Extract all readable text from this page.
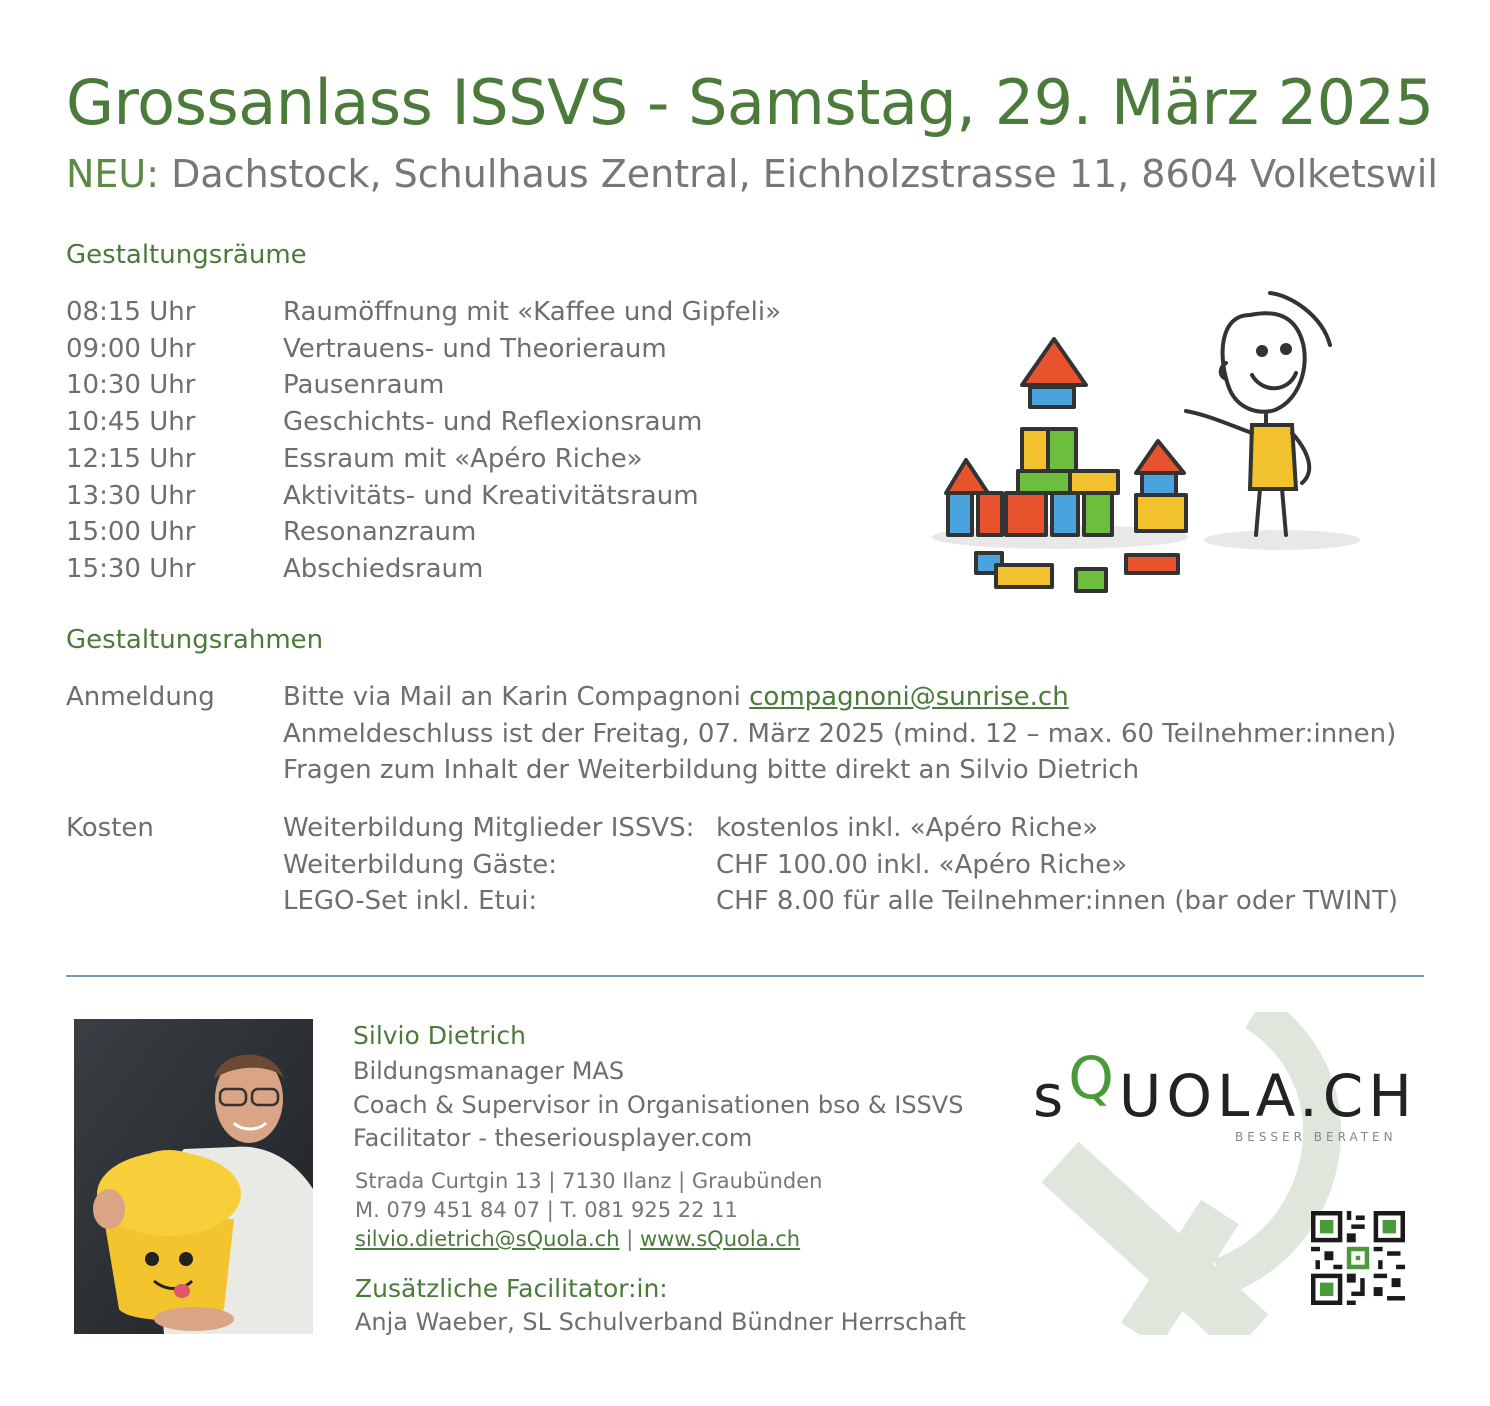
Grossanlass ISSVS - Samstag, 29. März 2025
NEU: Dachstock, Schulhaus Zentral, Eichholzstrasse 11, 8604 Volketswil
Gestaltungsräume
08:15 Uhr
09:00 Uhr
10:30 Uhr
10:45 Uhr
12:15 Uhr
13:30 Uhr
15:00 Uhr
15:30 Uhr
Raumöffnung mit «Kaffee und Gipfeli»
Vertrauens- und Theorieraum
Pausenraum
Geschichts- und Reflexionsraum
Essraum mit «Apéro Riche»
Aktivitäts- und Kreativitätsraum
Resonanzraum
Abschiedsraum
Gestaltungsrahmen
Anmeldung	Bitte via Mail an Karin Compagnoni compagnoni@sunrise.ch
Anmeldeschluss ist der Freitag, 07. März 2025 (mind. 12 – max. 60 Teilnehmer:innen)
Fragen zum Inhalt der Weiterbildung bitte direkt an Silvio Dietrich
Kosten	Weiterbildung Mitglieder ISSVS:
Weiterbildung Gäste:
LEGO-Set inkl. Etui:
kostenlos inkl. «Apéro Riche»
CHF 100.00 inkl. «Apéro Riche»
CHF 8.00 für alle Teilnehmer:innen (bar oder TWINT)
Silvio Dietrich
Bildungsmanager MAS
Coach & Supervisor in Organisationen bso & ISSVS
Facilitator - theseriousplayer.com
Strada Curtgin 13 | 7130 Ilanz | Graubünden
M. 079 451 84 07 | T. 081 925 22 11
silvio.dietrich@sQuola.ch | www.sQuola.ch
Zusätzliche Facilitator:in:
Anja Waeber, SL Schulverband Bündner Herrschaft
sQUOLA.CH
BESSER BERATEN
